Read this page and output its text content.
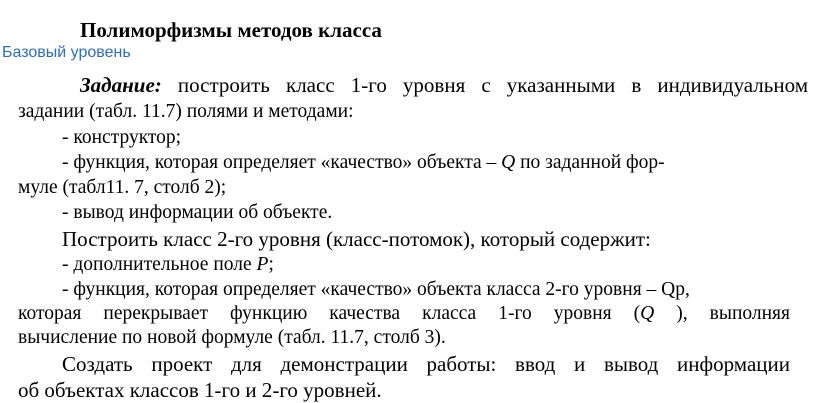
Полиморфизмы методов класса
Базовый уровень
Задание: построить класс 1-го уровня с указанными в индивидуальном
задании (табл. 11.7) полями и методами:
- конструктор;
- функция, которая определяет «качество» объекта – Q по заданной фор-
муле (табл11. 7, столб 2);
- вывод информации об объекте.
Построить класс 2-го уровня (класс-потомок), который содержит:
- дополнительное поле P;
- функция, которая определяет «качество» объекта класса 2-го уровня – Qp,
которая перекрывает функцию качества класса 1-го уровня (Q ), выполняя
вычисление по новой формуле (табл. 11.7, столб 3).
Создать проект для демонстрации работы: ввод и вывод информации
об объектах классов 1-го и 2-го уровней.
